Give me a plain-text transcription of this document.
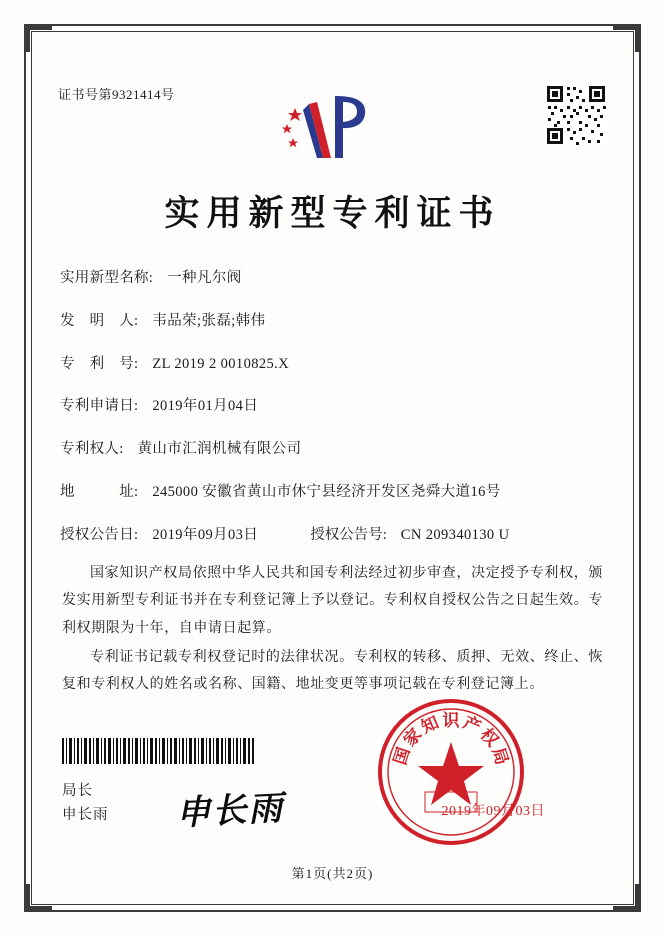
证书号第9321414号
实用新型专利证书
实用新型名称: 一种凡尔阀
发　明　人: 韦品荣;张磊;韩伟
专　利　号: ZL 2019 2 0010825.X
专利申请日: 2019年01月04日
专利权人: 黄山市汇润机械有限公司
地　　　址: 245000 安徽省黄山市休宁县经济开发区尧舜大道16号
授权公告日: 2019年09月03日	授权公告号: CN 209340130 U

国家知识产权局依照中华人民共和国专利法经过初步审查，决定授予专利权，颁发实用新型专利证书并在专利登记簿上予以登记。专利权自授权公告之日起生效。专利权期限为十年，自申请日起算。

专利证书记载专利权登记时的法律状况。专利权的转移、质押、无效、终止、恢复和专利权人的姓名或名称、国籍、地址变更等事项记载在专利登记簿上。

局长
申长雨 申长雨
国
家
知 识 产
权
局
2019年09月03日
第1页(共2页)
